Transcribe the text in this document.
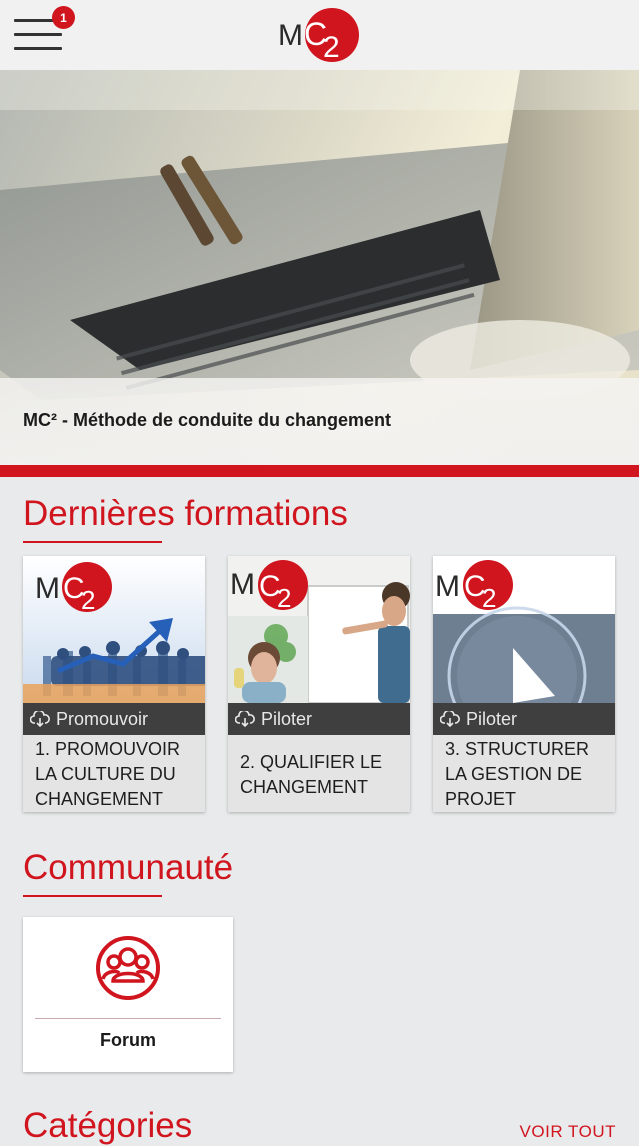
1
M C
2
MC² - Méthode de conduite du changement
Dernières formations
M C
2
Promouvoir
1. PROMOUVOIR LA CULTURE DU CHANGEMENT
M C
2
Piloter
2. QUALIFIER LE CHANGEMENT
M C
2
Piloter
3. STRUCTURER LA GESTION DE PROJET
Communauté
Forum
Catégories	VOIR TOUT
